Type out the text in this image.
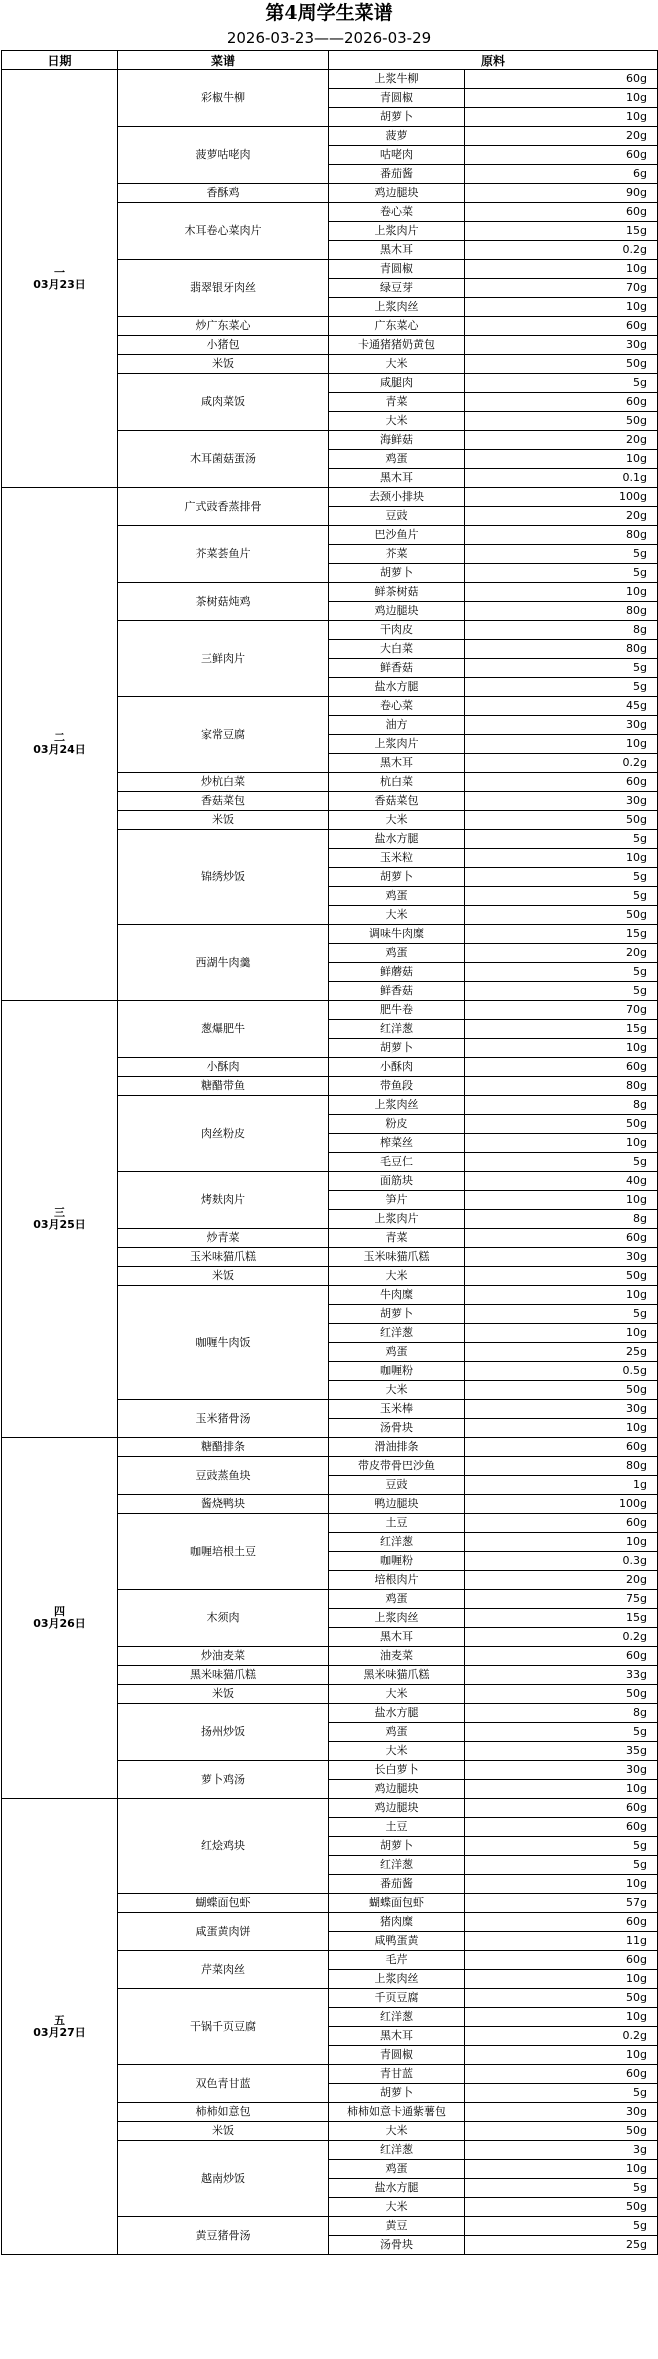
第4周学生菜谱
2026-03-23——2026-03-29
日期	菜谱	原料	

一
03月23日	彩椒牛柳	上浆牛柳	60g
		青圆椒	10g
		胡萝卜	10g
	菠萝咕咾肉	菠萝	20g
		咕咾肉	60g
		番茄酱	6g
	香酥鸡	鸡边腿块	90g
	木耳卷心菜肉片	卷心菜	60g
		上浆肉片	15g
		黑木耳	0.2g
	翡翠银牙肉丝	青圆椒	10g
		绿豆芽	70g
		上浆肉丝	10g
	炒广东菜心	广东菜心	60g
	小猪包	卡通猪猪奶黄包	30g
	米饭	大米	50g
	咸肉菜饭	咸腿肉	5g
		青菜	60g
		大米	50g
	木耳菌菇蛋汤	海鲜菇	20g
		鸡蛋	10g
		黑木耳	0.1g

二
03月24日	广式豉香蒸排骨	去颈小排块	100g
		豆豉	20g
	芥菜荟鱼片	巴沙鱼片	80g
		芥菜	5g
		胡萝卜	5g
	茶树菇炖鸡	鲜茶树菇	10g
		鸡边腿块	80g
	三鲜肉片	干肉皮	8g
		大白菜	80g
		鲜香菇	5g
		盐水方腿	5g
	家常豆腐	卷心菜	45g
		油方	30g
		上浆肉片	10g
		黑木耳	0.2g
	炒杭白菜	杭白菜	60g
	香菇菜包	香菇菜包	30g
	米饭	大米	50g
	锦绣炒饭	盐水方腿	5g
		玉米粒	10g
		胡萝卜	5g
		鸡蛋	5g
		大米	50g
	西湖牛肉羹	调味牛肉糜	15g
		鸡蛋	20g
		鲜蘑菇	5g
		鲜香菇	5g

三
03月25日	葱爆肥牛	肥牛卷	70g
		红洋葱	15g
		胡萝卜	10g
	小酥肉	小酥肉	60g
	糖醋带鱼	带鱼段	80g
	肉丝粉皮	上浆肉丝	8g
		粉皮	50g
		榨菜丝	10g
		毛豆仁	5g
	烤麸肉片	面筋块	40g
		笋片	10g
		上浆肉片	8g
	炒青菜	青菜	60g
	玉米味猫爪糕	玉米味猫爪糕	30g
	米饭	大米	50g
	咖喱牛肉饭	牛肉糜	10g
		胡萝卜	5g
		红洋葱	10g
		鸡蛋	25g
		咖喱粉	0.5g
		大米	50g
	玉米猪骨汤	玉米棒	30g
		汤骨块	10g

四
03月26日	糖醋排条	滑油排条	60g
	豆豉蒸鱼块	带皮带骨巴沙鱼	80g
		豆豉	1g
	酱烧鸭块	鸭边腿块	100g
	咖喱培根土豆	土豆	60g
		红洋葱	10g
		咖喱粉	0.3g
		培根肉片	20g
	木须肉	鸡蛋	75g
		上浆肉丝	15g
		黑木耳	0.2g
	炒油麦菜	油麦菜	60g
	黑米味猫爪糕	黑米味猫爪糕	33g
	米饭	大米	50g
	扬州炒饭	盐水方腿	8g
		鸡蛋	5g
		大米	35g
	萝卜鸡汤	长白萝卜	30g
		鸡边腿块	10g

五
03月27日	红烩鸡块	鸡边腿块	60g
		土豆	60g
		胡萝卜	5g
		红洋葱	5g
		番茄酱	10g
	蝴蝶面包虾	蝴蝶面包虾	57g
	咸蛋黄肉饼	猪肉糜	60g
		咸鸭蛋黄	11g
	芹菜肉丝	毛芹	60g
		上浆肉丝	10g
	干锅千页豆腐	千页豆腐	50g
		红洋葱	10g
		黑木耳	0.2g
		青圆椒	10g
	双色青甘蓝	青甘蓝	60g
		胡萝卜	5g
	柿柿如意包	柿柿如意卡通紫薯包	30g
	米饭	大米	50g
	越南炒饭	红洋葱	3g
		鸡蛋	10g
		盐水方腿	5g
		大米	50g
	黄豆猪骨汤	黄豆	5g
		汤骨块	25g
